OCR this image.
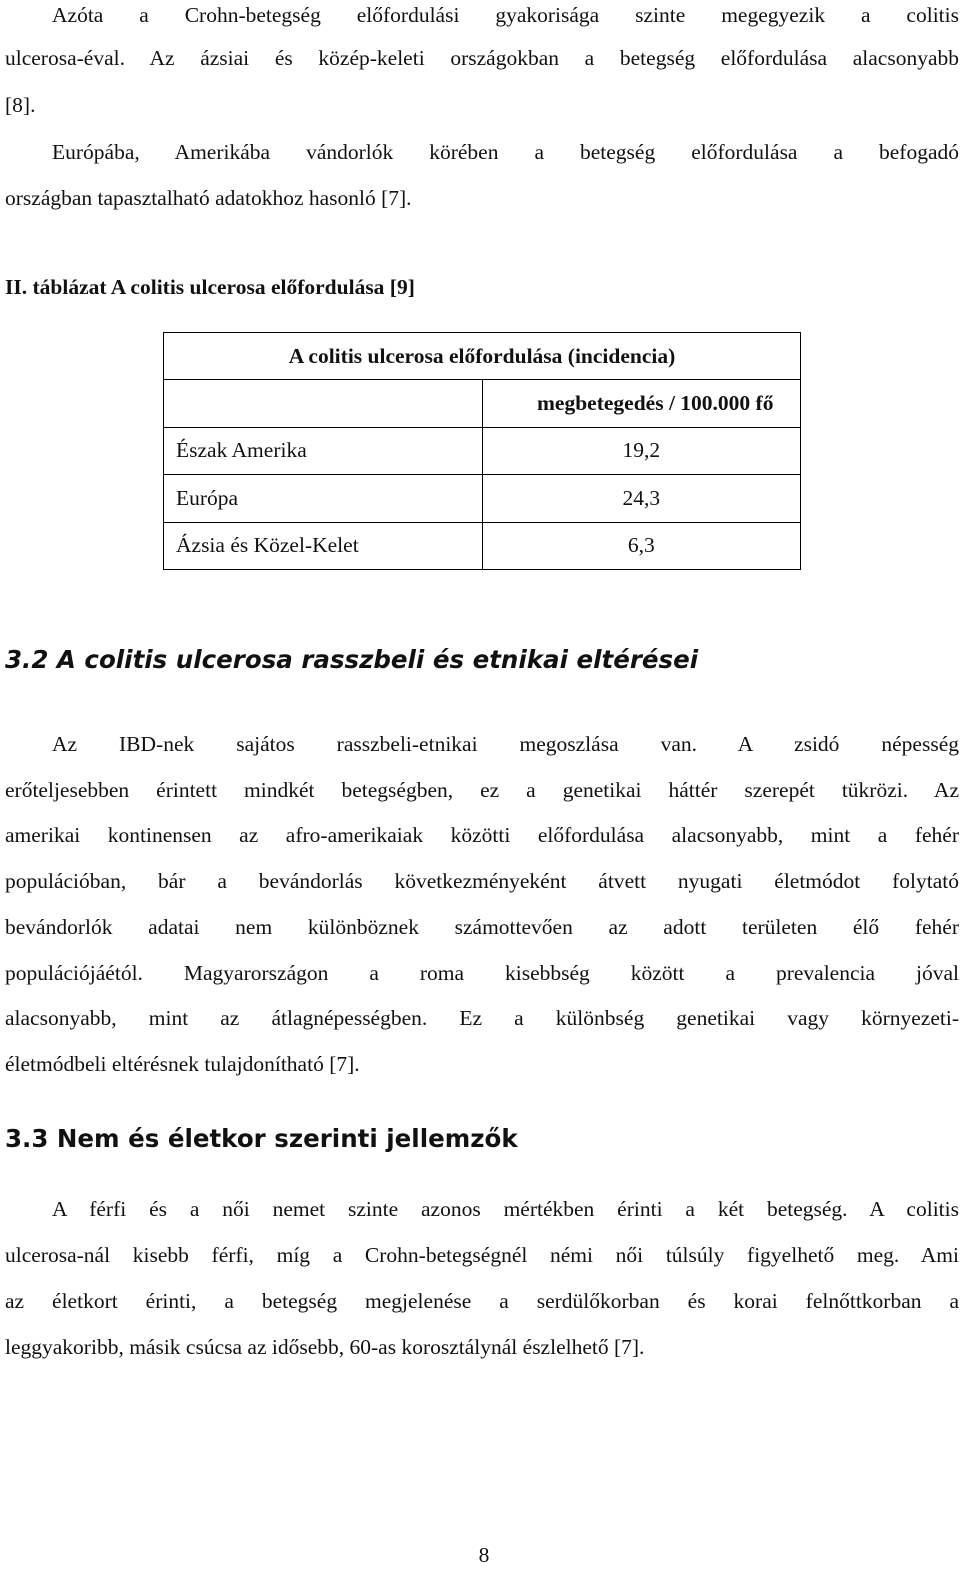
Azóta a Crohn-betegség előfordulási gyakorisága szinte megegyezik a colitis

ulcerosa-éval. Az ázsiai és közép-keleti országokban a betegség előfordulása alacsonyabb

[8].

Európába, Amerikába vándorlók körében a betegség előfordulása a befogadó

országban tapasztalható adatokhoz hasonló [7].

II. táblázat A colitis ulcerosa előfordulása [9]
A colitis ulcerosa előfordulása (incidencia)	
	megbetegedés / 100.000 fő
Észak Amerika	19,2
Európa	24,3
Ázsia és Közel-Kelet	6,3
3.2 A colitis ulcerosa rasszbeli és etnikai eltérései

Az IBD-nek sajátos rasszbeli-etnikai megoszlása van. A zsidó népesség

erőteljesebben érintett mindkét betegségben, ez a genetikai háttér szerepét tükrözi. Az

amerikai kontinensen az afro-amerikaiak közötti előfordulása alacsonyabb, mint a fehér

populációban, bár a bevándorlás következményeként átvett nyugati életmódot folytató

bevándorlók adatai nem különböznek számottevően az adott területen élő fehér

populációjáétól. Magyarországon a roma kisebbség között a prevalencia jóval

alacsonyabb, mint az átlagnépességben. Ez a különbség genetikai vagy környezeti-

életmódbeli eltérésnek tulajdonítható [7].

3.3 Nem és életkor szerinti jellemzők

A férfi és a női nemet szinte azonos mértékben érinti a két betegség. A colitis

ulcerosa-nál kisebb férfi, míg a Crohn-betegségnél némi női túlsúly figyelhető meg. Ami

az életkort érinti, a betegség megjelenése a serdülőkorban és korai felnőttkorban a

leggyakoribb, másik csúcsa az idősebb, 60-as korosztálynál észlelhető [7].

8
